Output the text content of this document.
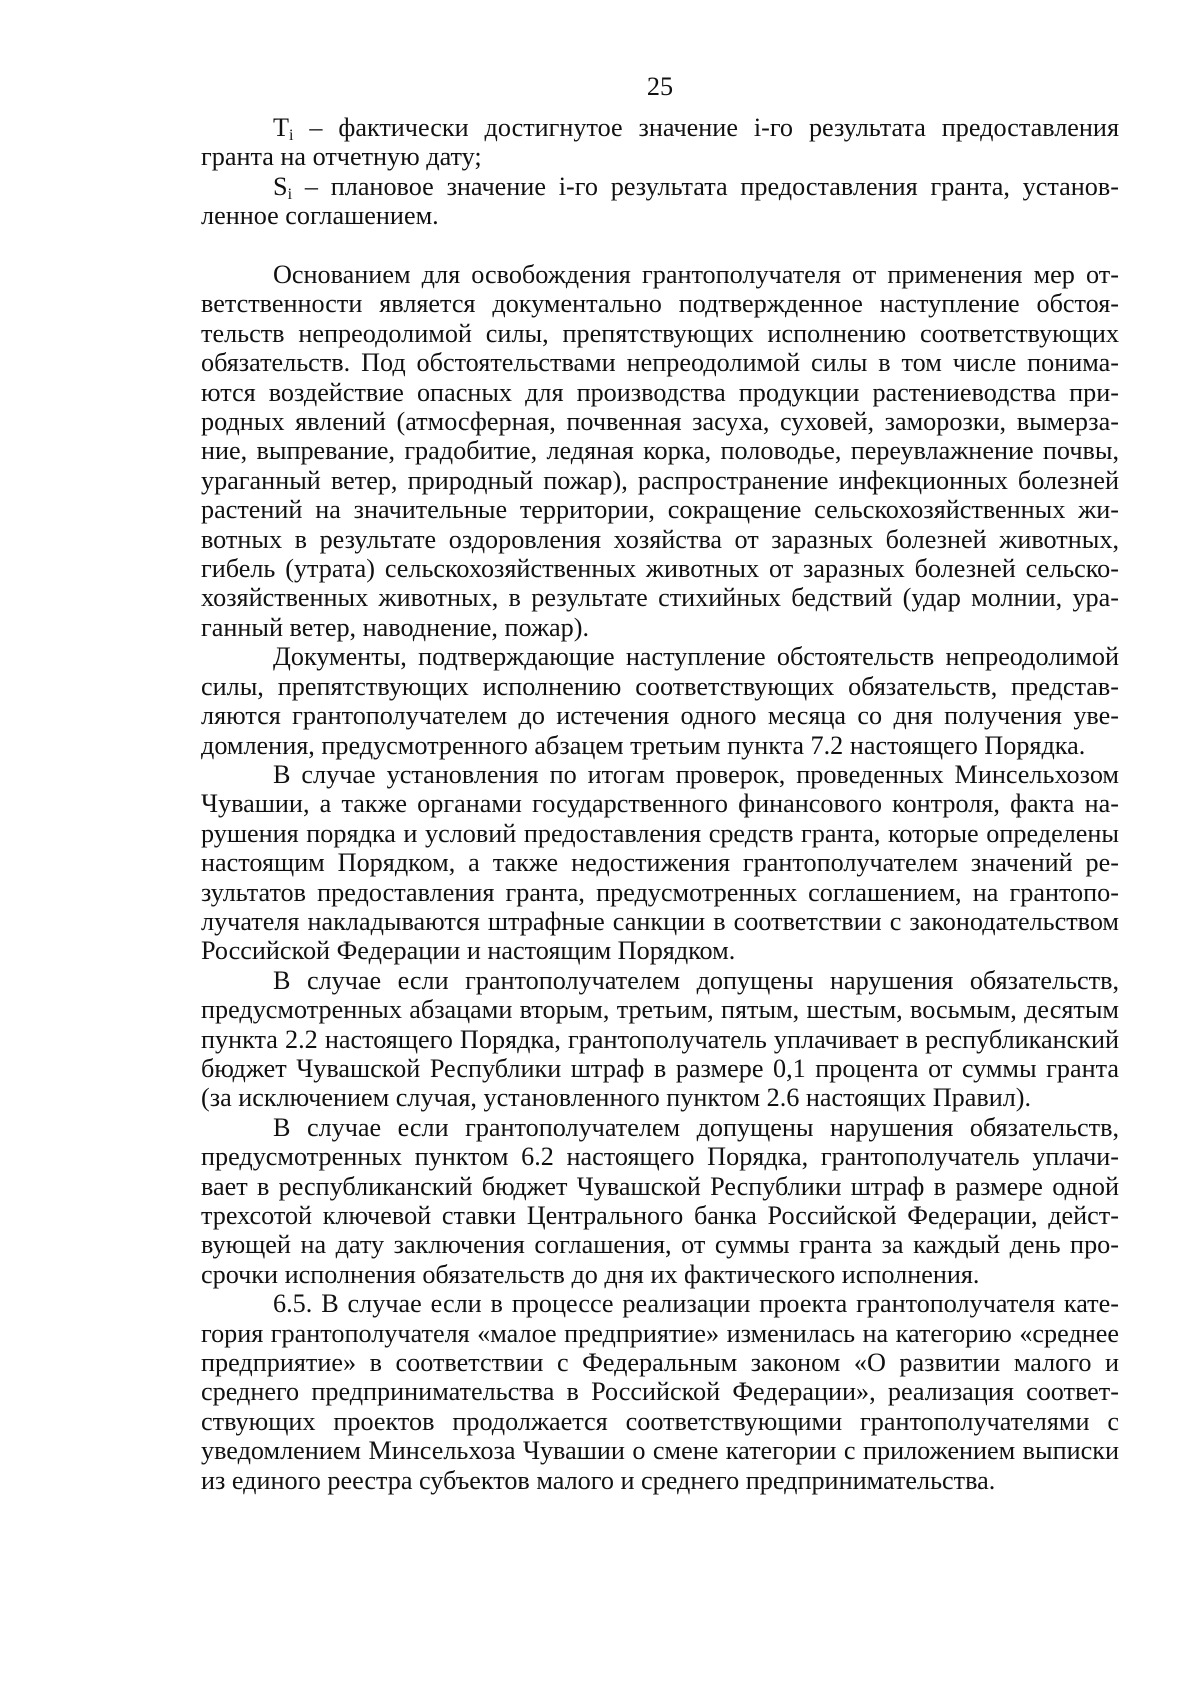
25

$T_i$ – фактически достигнутое значение i-го результата предоставления гранта на отчетную дату;

$S_i$ – плановое значение i-го результата предоставления гранта, установленное соглашением.

Основанием для освобождения грантополучателя от применения мер ответственности является документально подтвержденное наступление обстоятельств непреодолимой силы, препятствующих исполнению соответствующих обязательств. Под обстоятельствами непреодолимой силы в том числе понимаются воздействие опасных для производства продукции растениеводства природных явлений (атмосферная, почвенная засуха, суховей, заморозки, вымерзание, выпревание, градобитие, ледяная корка, половодье, переувлажнение почвы, ураганный ветер, природный пожар), распространение инфекционных болезней растений на значительные территории, сокращение сельскохозяйственных животных в результате оздоровления хозяйства от заразных болезней животных, гибель (утрата) сельскохозяйственных животных от заразных болезней сельскохозяйственных животных, в результате стихийных бедствий (удар молнии, ураганный ветер, наводнение, пожар).

Документы, подтверждающие наступление обстоятельств непреодолимой силы, препятствующих исполнению соответствующих обязательств, представляются грантополучателем до истечения одного месяца со дня получения уведомления, предусмотренного абзацем третьим пункта 7.2 настоящего Порядка.

В случае установления по итогам проверок, проведенных Минсельхозом Чувашии, а также органами государственного финансового контроля, факта нарушения порядка и условий предоставления средств гранта, которые определены настоящим Порядком, а также недостижения грантополучателем значений результатов предоставления гранта, предусмотренных соглашением, на грантополучателя накладываются штрафные санкции в соответствии с законодательством Российской Федерации и настоящим Порядком.

В случае если грантополучателем допущены нарушения обязательств, предусмотренных абзацами вторым, третьим, пятым, шестым, восьмым, десятым пункта 2.2 настоящего Порядка, грантополучатель уплачивает в республиканский бюджет Чувашской Республики штраф в размере 0,1 процента от суммы гранта (за исключением случая, установленного пунктом 2.6 настоящих Правил).

В случае если грантополучателем допущены нарушения обязательств, предусмотренных пунктом 6.2 настоящего Порядка, грантополучатель уплачивает в республиканский бюджет Чувашской Республики штраф в размере одной трехсотой ключевой ставки Центрального банка Российской Федерации, действующей на дату заключения соглашения, от суммы гранта за каждый день просрочки исполнения обязательств до дня их фактического исполнения.

6.5. В случае если в процессе реализации проекта грантополучателя категория грантополучателя «малое предприятие» изменилась на категорию «среднее предприятие» в соответствии с Федеральным законом «О развитии малого и среднего предпринимательства в Российской Федерации», реализация соответствующих проектов продолжается соответствующими грантополучателями с уведомлением Минсельхоза Чувашии о смене категории с приложением выписки из единого реестра субъектов малого и среднего предпринимательства.
